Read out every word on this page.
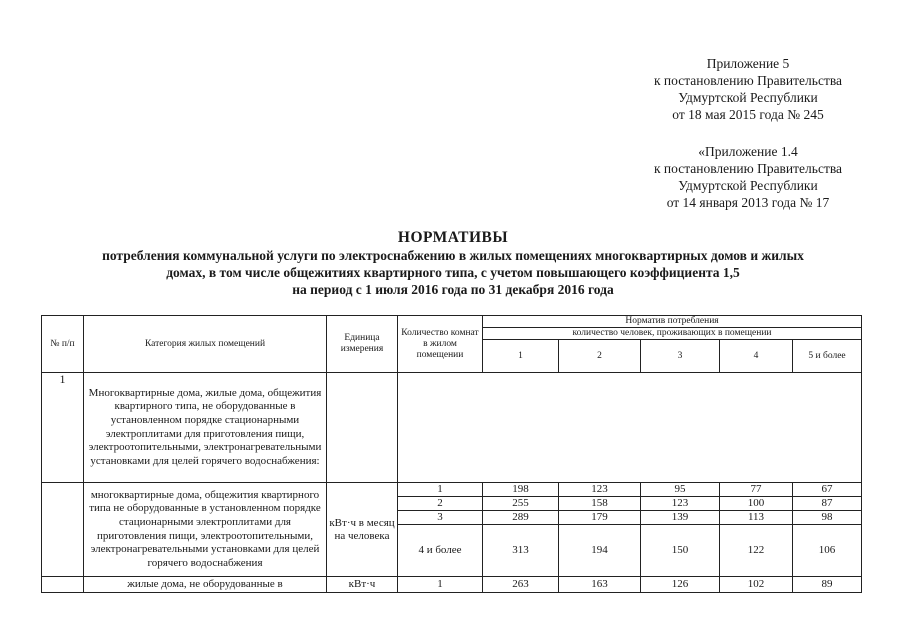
Приложение 5
к постановлению Правительства
Удмуртской Республики
от 18 мая 2015 года № 245
«Приложение 1.4
к постановлению Правительства
Удмуртской Республики
от 14 января 2013 года № 17
НОРМАТИВЫ
потребления коммунальной услуги по электроснабжению в жилых помещениях многоквартирных домов и жилых
домах, в том числе общежитиях квартирного типа, с учетом повышающего коэффициента 1,5
на период с 1 июля 2016 года по 31 декабря 2016 года
№ п/п	Категория жилых помещений	Единица измерения	Количество комнат в жилом помещении	Норматив потребления				
				количество человек, проживающих в помещении				
				1	2	3	4	5 и более
1	Многоквартирные дома, жилые дома, общежития квартирного типа, не оборудованные в установленном порядке стационарными электроплитами для приготовления пищи, электроотопительными, электронагревательными установками для целей горячего водоснабжения:							
	многоквартирные дома, общежития квартирного типа не оборудованные в установленном порядке стационарными электроплитами для приготовления пищи, электроотопительными, электронагревательными установками для целей горячего водоснабжения	кВт·ч в месяц на человека	1	198	123	95	77	67
			2	255	158	123	100	87
			3	289	179	139	113	98
			4 и более	313	194	150	122	106
	жилые дома, не оборудованные в	кВт·ч	1	263	163	126	102	89
